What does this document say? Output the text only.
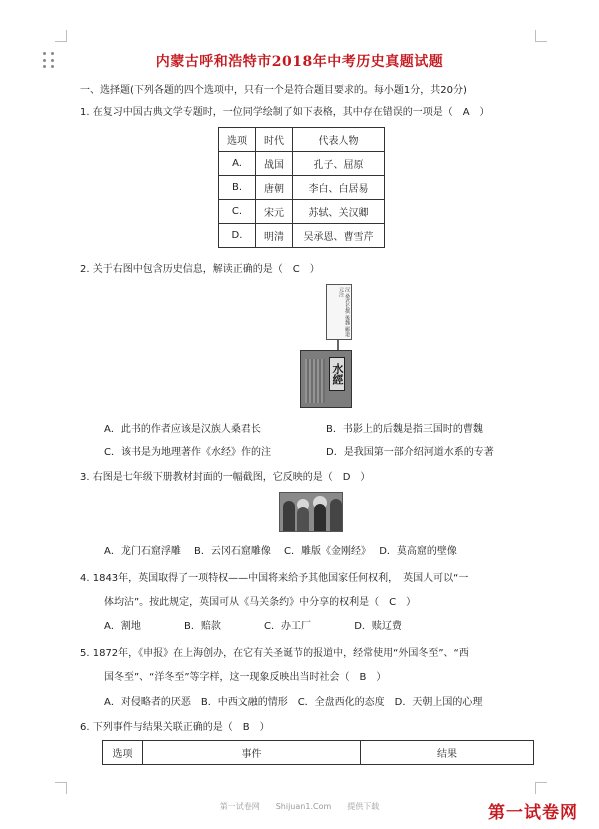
内蒙古呼和浩特市2018年中考历史真题试题
一、选择题(下列各题的四个选项中，只有一个是符合题目要求的。每小题1分，共20分)
1. 在复习中国古典文学专题时，一位同学绘制了如下表格，其中存在错误的一项是（　A　）
选项	时代	代表人物
A.	战国	孔子、屈原
B.	唐朝	李白、白居易
C.	宋元	苏轼、关汉卿
D.	明清	吴承恩、曹雪芹
2. 关于右图中包含历史信息，解读正确的是（　C　）
汉 桑君长撰 後魏 郦道元注
水經
A．此书的作者应该是汉族人桑君长	B．书影上的后魏是指三国时的曹魏
C．该书是为地理著作《水经》作的注	D．是我国第一部介绍河道水系的专著
3. 右图是七年级下册教材封面的一幅截图，它反映的是（　D　）
A．龙门石窟浮雕　 B．云冈石窟雕像　 C．雕版《金刚经》　 D．莫高窟的壁像
4. 1843年，英国取得了一项特权——中国将来给予其他国家任何权利，　英国人可以“一
体均沾”。按此规定，英国可从《马关条约》中分享的权利是（　C　）
A．割地　　　　 B．赔款　　　　 C．办工厂　　　　 D．赎辽费
5. 1872年，《申报》在上海创办，在它有关圣诞节的报道中，经常使用“外国冬至”、“西
国冬至”、“洋冬至”等字样，这一现象反映出当时社会（　B　）
A．对侵略者的厌恶　B．中西文融的情形　C．全盘西化的态度　D．天朝上国的心理
6. 下列事件与结果关联正确的是（　B　）
选项	事件	结果
第一试卷网　　Shijuan1.Com　　提供下载	第一试卷网
